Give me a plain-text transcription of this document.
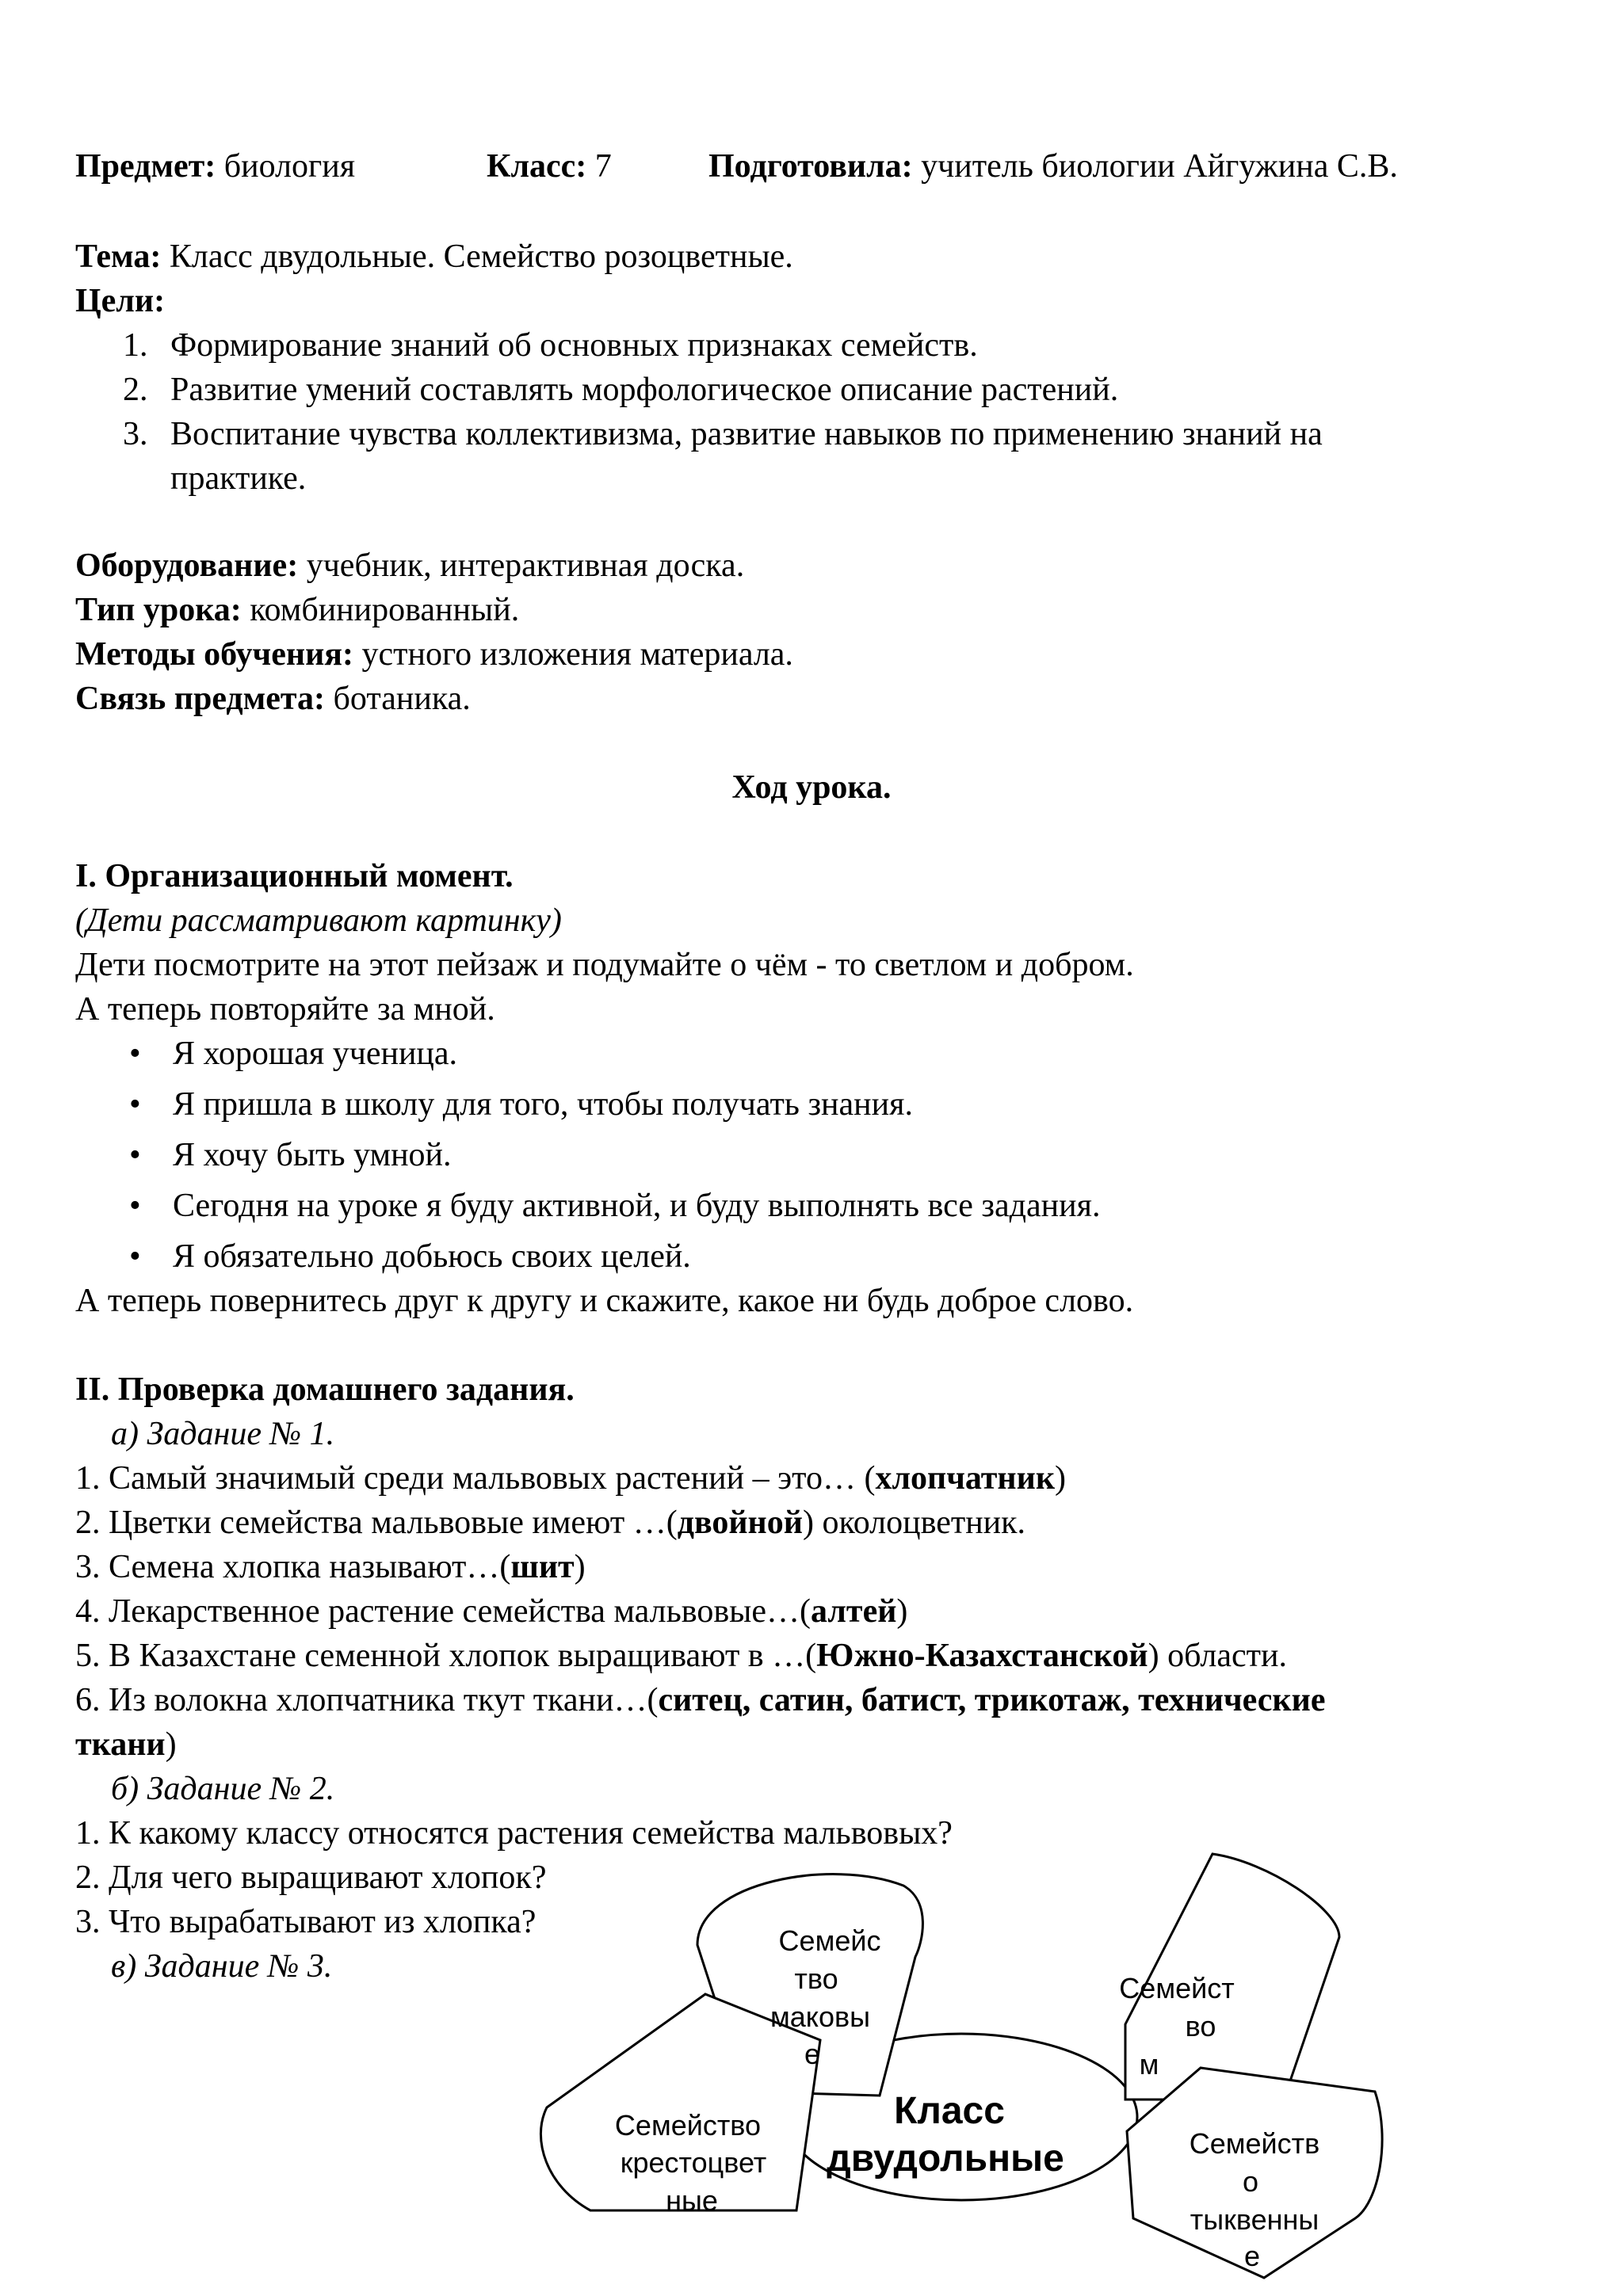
Предмет: биология	Класс: 7	Подготовила: учитель биологии Айгужина С.В.
Тема: Класс двудольные. Семейство розоцветные.
Цели:
1. Формирование знаний об основных признаках семейств.
2. Развитие умений составлять морфологическое описание растений.
3. Воспитание чувства коллективизма, развитие навыков по применению знаний на
практике.
Оборудование: учебник, интерактивная доска.
Тип урока: комбинированный.
Методы обучения: устного изложения материала.
Связь предмета: ботаника.
Ход урока.
I. Организационный момент.
(Дети рассматривают картинку)
Дети посмотрите на этот пейзаж и подумайте о чём - то светлом и добром.
А теперь повторяйте за мной.
• Я хорошая ученица.
• Я пришла в школу для того, чтобы получать знания.
• Я хочу быть умной.
• Сегодня на уроке я буду активной, и буду выполнять все задания.
• Я обязательно добьюсь своих целей.
А теперь повернитесь друг к другу и скажите, какое ни будь доброе слово.
II. Проверка домашнего задания.
а) Задание № 1.
1. Самый значимый среди мальвовых растений – это… (хлопчатник)
2. Цветки семейства мальвовые имеют …(двойной) околоцветник.
3. Семена хлопка называют…(шит)
4. Лекарственное растение семейства мальвовые…(алтей)
5. В Казахстане семенной хлопок выращивают в …(Южно-Казахстанской) области.
6. Из волокна хлопчатника ткут ткани…(ситец, сатин, батист, трикотаж, технические
ткани)
б) Задание № 2.
1. К какому классу относятся растения семейства мальвовых?
2. Для чего выращивают хлопок?
3. Что вырабатывают из хлопка?
в) Задание № 3.
Семейс
тво
маковы
е
Семейст
во
м
Класс
двудольные
Семейство
крестоцвет
ные
Семейств
о
тыквенны
е
